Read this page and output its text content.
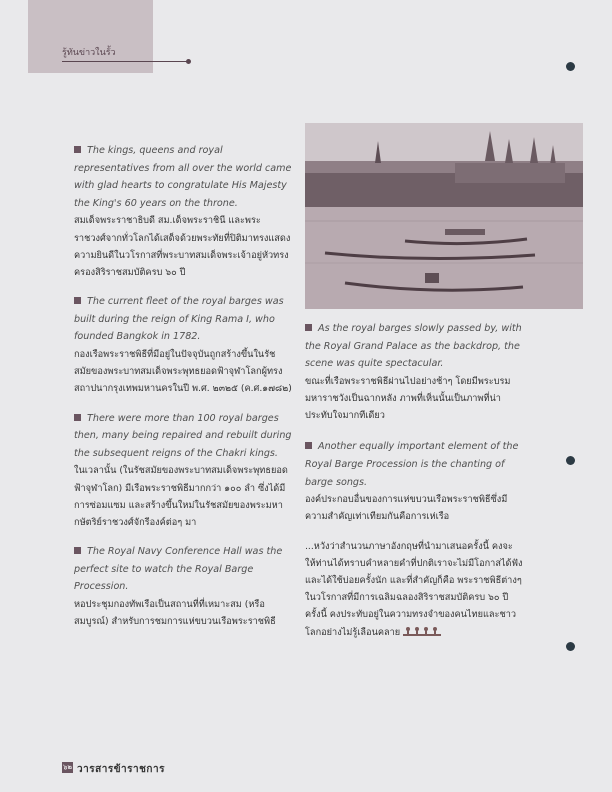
รู้ทันข่าวในรั้ว

The kings, queens and royal representatives from all over the world came with glad hearts to congratulate His Majesty the King's 60 years on the throne.

สมเด็จพระราชาธิบดี สม.เด็จพระราชินี และพระราชวงศ์จากทั่วโลกได้เสด็จด้วยพระทัยที่ปิติมาทรงแสดงความยินดีในวโรกาสที่พระบาทสมเด็จพระเจ้าอยู่หัวทรงครองสิริราชสมบัติครบ ๖๐ ปี

The current fleet of the royal barges was built during the reign of King Rama I, who founded Bangkok in 1782.

กองเรือพระราชพิธีที่มีอยู่ในปัจจุบันถูกสร้างขึ้นในรัชสมัยของพระบาทสมเด็จพระพุทธยอดฟ้าจุฬาโลกผู้ทรงสถาปนากรุงเทพมหานครในปี พ.ศ. ๒๓๒๕ (ค.ศ.๑๗๘๒)

There were more than 100 royal barges then, many being repaired and rebuilt during the subsequent reigns of the Chakri kings.

ในเวลานั้น (ในรัชสมัยของพระบาทสมเด็จพระพุทธยอดฟ้าจุฬาโลก) มีเรือพระราชพิธีมากกว่า ๑๐๐ ลำ ซึ่งได้มีการซ่อมแซม และสร้างขึ้นใหม่ในรัชสมัยของพระมหากษัตริย์ราชวงศ์จักรีองค์ต่อๆ มา

The Royal Navy Conference Hall was the perfect site to watch the Royal Barge Procession.

หอประชุมกองทัพเรือเป็นสถานที่ที่เหมาะสม (หรือสมบูรณ์) สำหรับการชมการแห่ขบวนเรือพระราชพิธี

As the royal barges slowly passed by, with the Royal Grand Palace as the backdrop, the scene was quite spectacular.

ขณะที่เรือพระราชพิธีผ่านไปอย่างช้าๆ โดยมีพระบรมมหาราชวังเป็นฉากหลัง ภาพที่เห็นนั้นเป็นภาพที่น่าประทับใจมากทีเดียว

Another equally important element of the Royal Barge Procession is the chanting of barge songs.

องค์ประกอบอื่นของการแห่ขบวนเรือพระราชพิธีซึ่งมีความสำคัญเท่าเทียมกันคือการเห่เรือ

...หวังว่าสำนวนภาษาอังกฤษที่นำมาเสนอครั้งนี้ คงจะให้ท่านได้ทราบคำหลายคำที่ปกติเราจะไม่มีโอกาสได้ฟังและได้ใช้บ่อยครั้งนัก และที่สำคัญก็คือ พระราชพิธีต่างๆ ในวโรกาสที่มีการเฉลิมฉลองสิริราชสมบัติครบ ๖๐ ปีครั้งนี้ คงประทับอยู่ในความทรงจำของคนไทยและชาวโลกอย่างไม่รู้เลือนคลาย

๖๒ วารสารข้าราชการ
